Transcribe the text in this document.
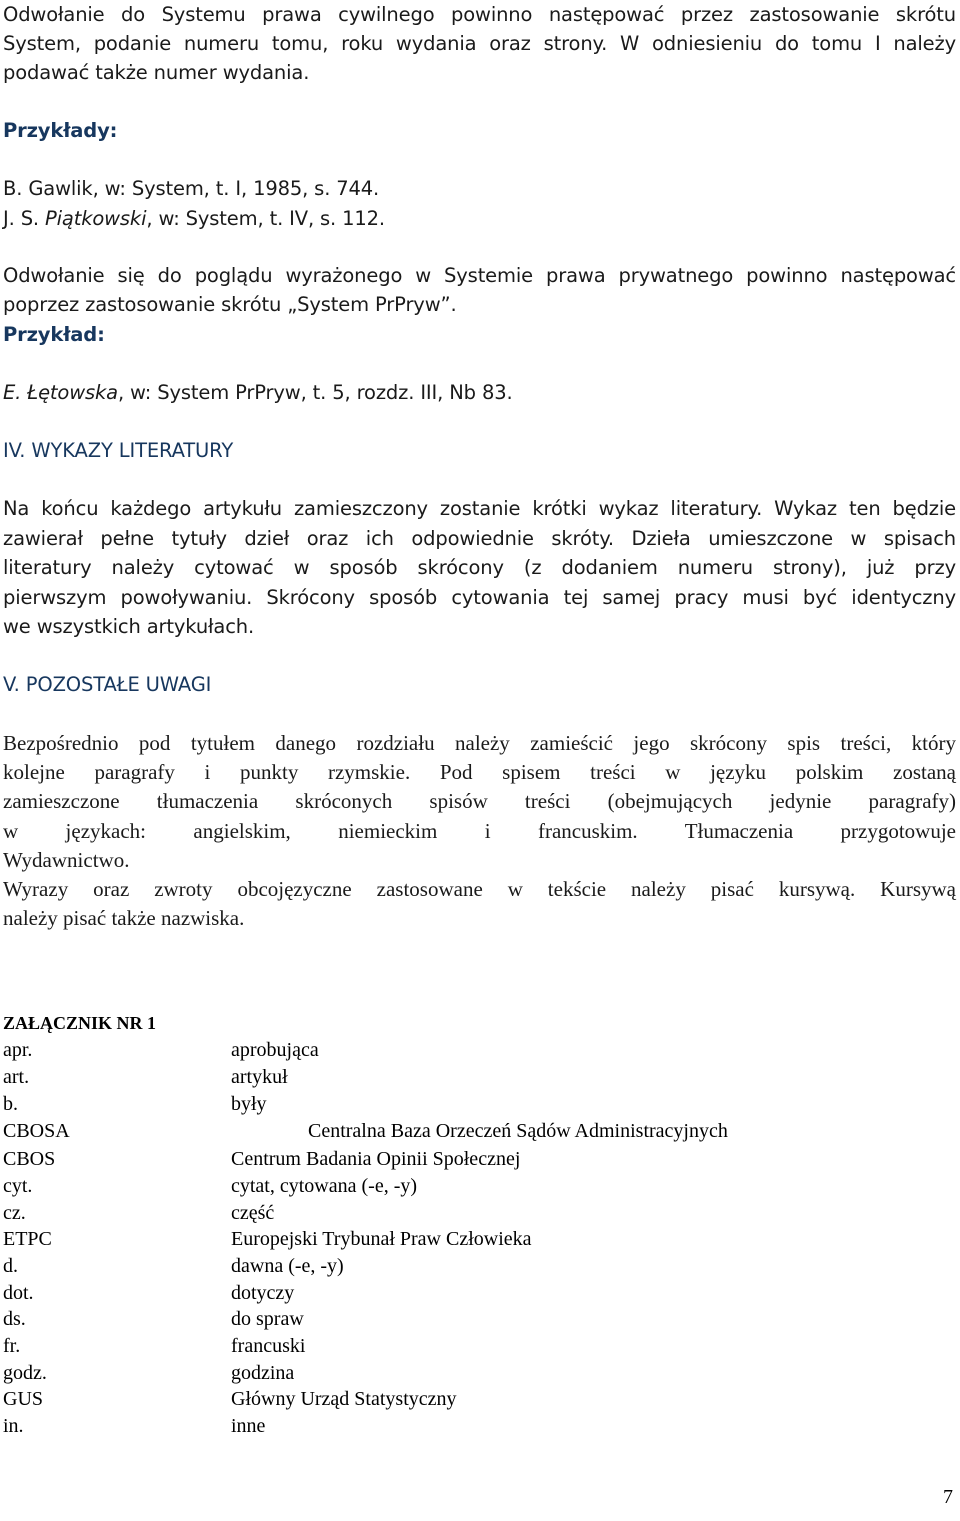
Odwołanie do Systemu prawa cywilnego powinno następować przez zastosowanie skrótu

System, podanie numeru tomu, roku wydania oraz strony. W odniesieniu do tomu I należy

podawać także numer wydania.

Przykłady:

B. Gawlik, w: System, t. I, 1985, s. 744.

J. S. Piątkowski, w: System, t. IV, s. 112.

Odwołanie się do poglądu wyrażonego w Systemie prawa prywatnego powinno następować

poprzez zastosowanie skrótu „System PrPryw”.

Przykład:

E. Łętowska, w: System PrPryw, t. 5, rozdz. III, Nb 83.

IV. WYKAZY LITERATURY

Na końcu każdego artykułu zamieszczony zostanie krótki wykaz literatury. Wykaz ten będzie

zawierał pełne tytuły dzieł oraz ich odpowiednie skróty. Dzieła umieszczone w spisach

literatury należy cytować w sposób skrócony (z dodaniem numeru strony), już przy

pierwszym powoływaniu. Skrócony sposób cytowania tej samej pracy musi być identyczny

we wszystkich artykułach.

V. POZOSTAŁE UWAGI

Bezpośrednio pod tytułem danego rozdziału należy zamieścić jego skrócony spis treści, który

kolejne paragrafy i punkty rzymskie. Pod spisem treści w języku polskim zostaną

zamieszczone tłumaczenia skróconych spisów treści (obejmujących jedynie paragrafy)

w językach: angielskim, niemieckim i francuskim. Tłumaczenia przygotowuje

Wydawnictwo.

Wyrazy oraz zwroty obcojęzyczne zastosowane w tekście należy pisać kursywą. Kursywą

należy pisać także nazwiska.

ZAŁĄCZNIK NR 1
apr.	aprobująca
art.	artykuł
b.	były
CBOSA	Centralna Baza Orzeczeń Sądów Administracyjnych
CBOS	Centrum Badania Opinii Społecznej
cyt.	cytat, cytowana (-e, -y)
cz.	część
ETPC	Europejski Trybunał Praw Człowieka
d.	dawna (-e, -y)
dot.	dotyczy
ds.	do spraw
fr.	francuski
godz.	godzina
GUS	Główny Urząd Statystyczny
in.	inne
7
